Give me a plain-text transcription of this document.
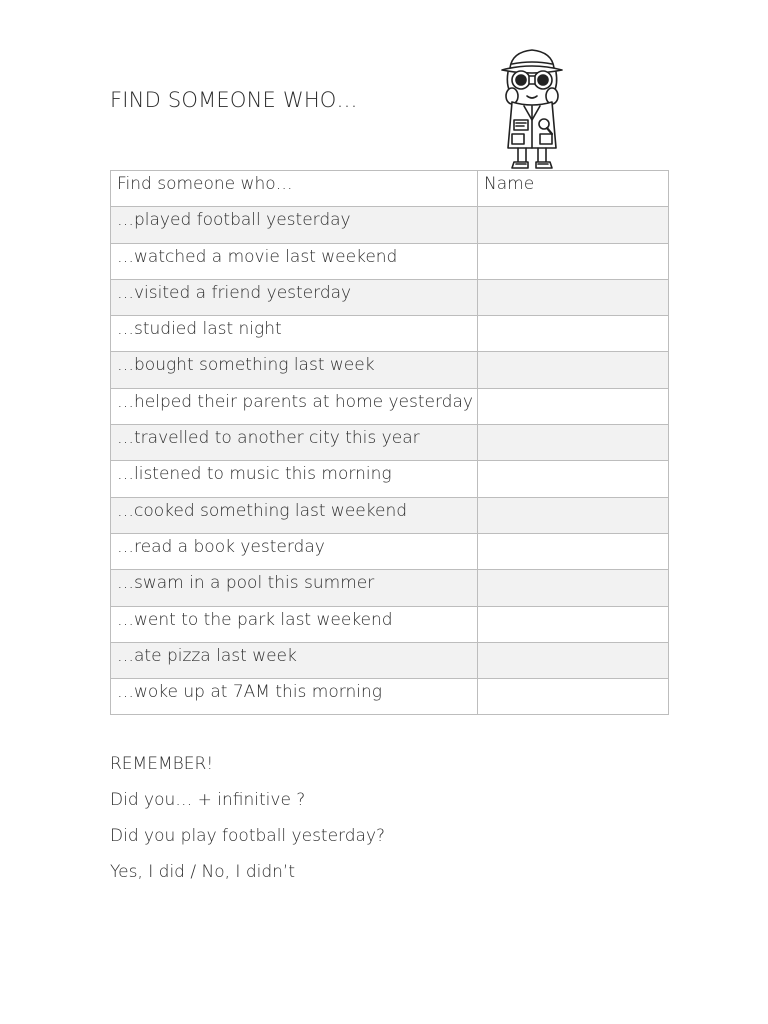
FIND SOMEONE WHO…
Find someone who…	Name

…played football yesterday	

…watched a movie last weekend	

…visited a friend yesterday	

…studied last night	

…bought something last week	

…helped their parents at home yesterday	

…travelled to another city this year	

…listened to music this morning	

…cooked something last weekend	

…read a book yesterday	

…swam in a pool this summer	

…went to the park last weekend	

…ate pizza last week	

…woke up at 7AM this morning	

REMEMBER!

Did you… + infinitive ?

Did you play football yesterday?

Yes, I did / No, I didn’t
